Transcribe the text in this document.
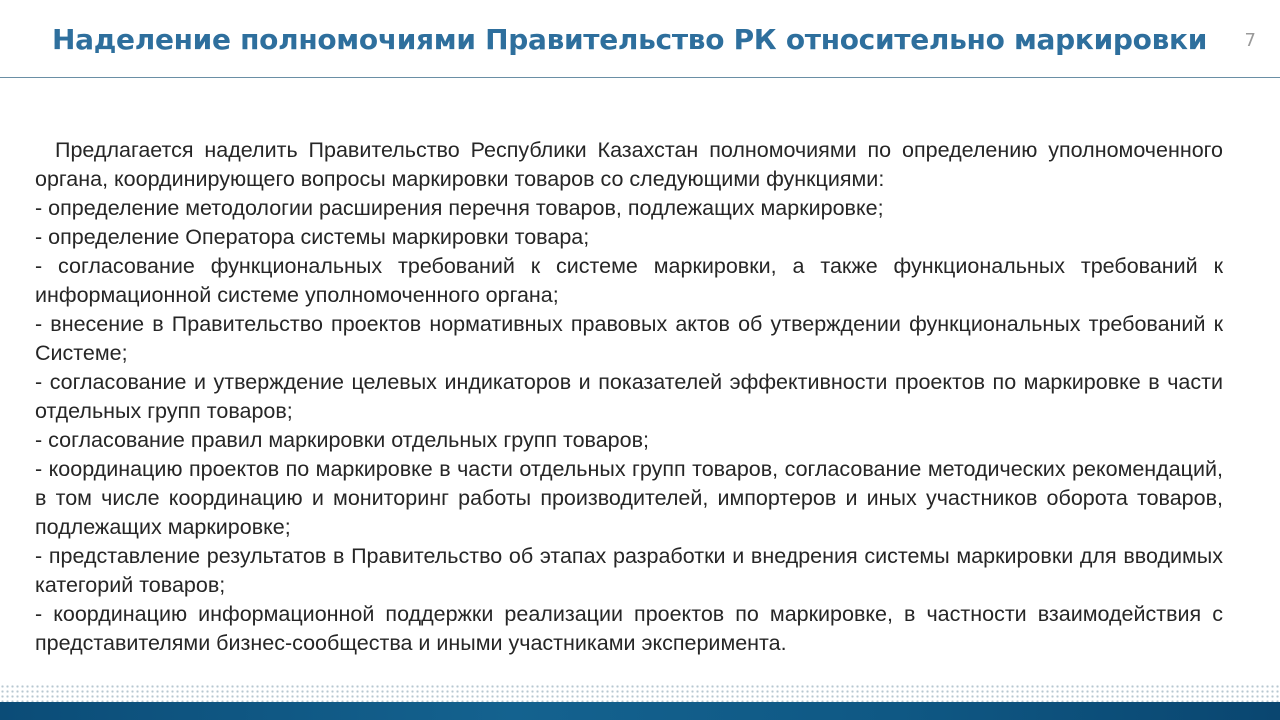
Наделение полномочиями Правительство РК относительно маркировки	7

Предлагается наделить Правительство Республики Казахстан полномочиями по определению уполномоченного органа, координирующего вопросы маркировки товаров со следующими функциями:

- определение методологии расширения перечня товаров, подлежащих маркировке;

- определение Оператора системы маркировки товара;

- согласование функциональных требований к системе маркировки, а также функциональных требований к информационной системе уполномоченного органа;

- внесение в Правительство проектов нормативных правовых актов об утверждении функциональных требований к Системе;

- согласование и утверждение целевых индикаторов и показателей эффективности проектов по маркировке в части отдельных групп товаров;

- согласование правил маркировки отдельных групп товаров;

- координацию проектов по маркировке в части отдельных групп товаров, согласование методических рекомендаций, в том числе координацию и мониторинг работы производителей, импортеров и иных участников оборота товаров, подлежащих маркировке;

- представление результатов в Правительство об этапах разработки и внедрения системы маркировки для вводимых категорий товаров;

- координацию информационной поддержки реализации проектов по маркировке, в частности взаимодействия с представителями бизнес-сообщества и иными участниками эксперимента.
